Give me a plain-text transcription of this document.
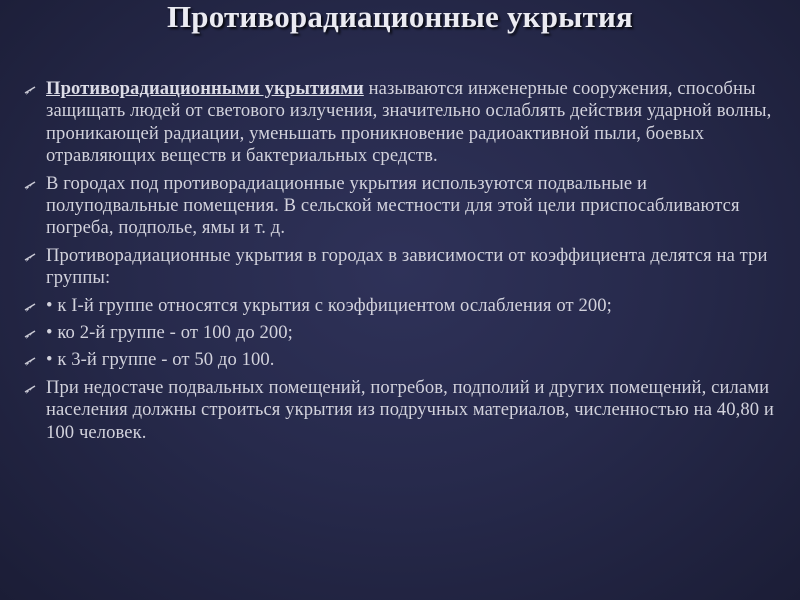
Противорадиационные укрытия
Противорадиационными укрытиями называются инженерные сооружения, способны защищать людей от светового излучения, значительно ослаблять действия ударной волны, проникающей радиации, уменьшать проникновение радиоактивной пыли, боевых отравляющих веществ и бактериальных средств.
В городах под противорадиационные укрытия используются подвальные и полуподвальные помещения. В сельской местности для этой цели приспосабливаются погреба, подполье, ямы и т. д.
Противорадиационные укрытия в городах в зависимости от коэффициента делятся на три группы:
• к I-й группе относятся укрытия с коэффициентом ослабления от 200;
• ко 2-й группе - от 100 до 200;
• к 3-й группе - от 50 до 100.
При недостаче подвальных помещений, погребов, подполий и других помещений, силами населения должны строиться укрытия из подручных материалов, численностью на 40,80 и 100 человек.
